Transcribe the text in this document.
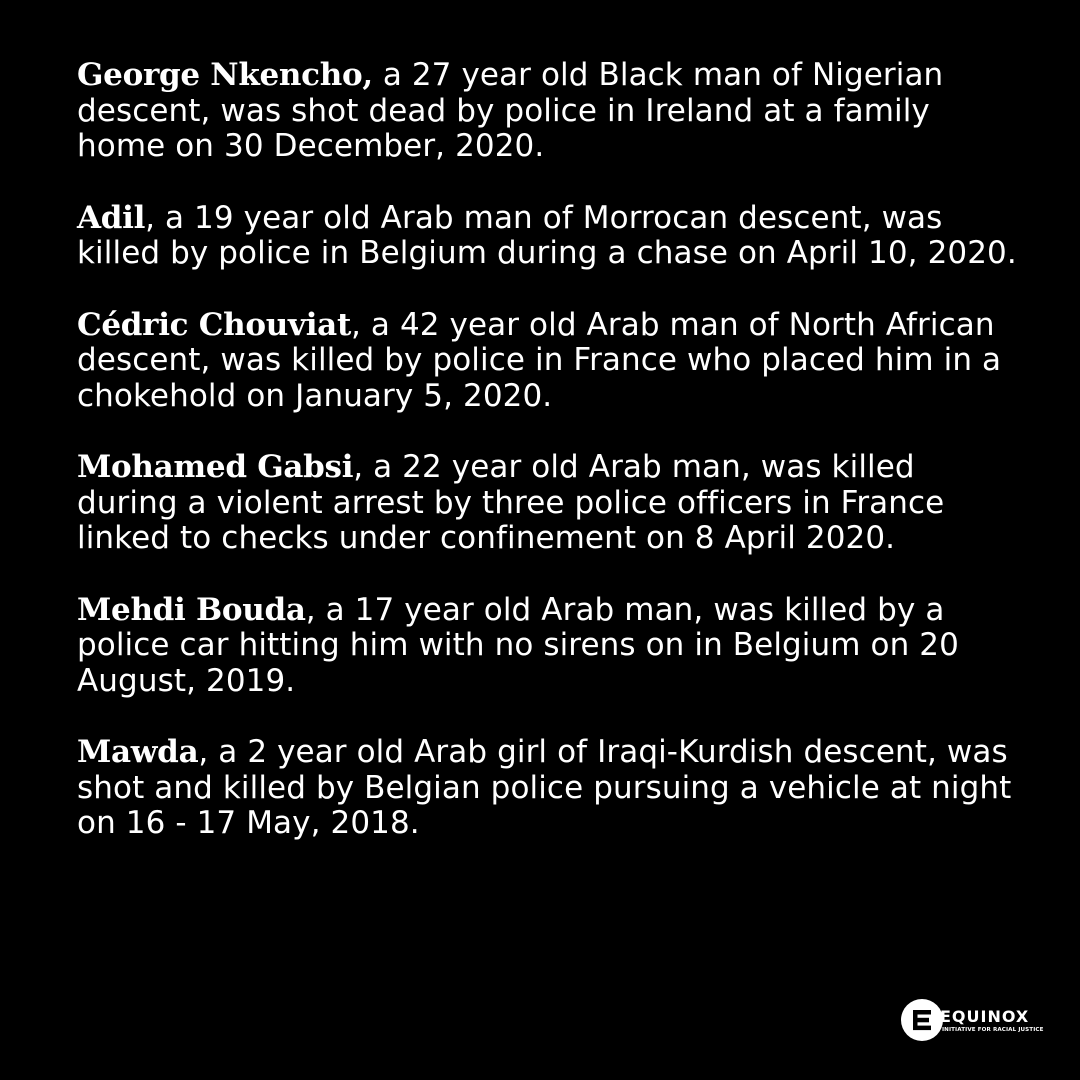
George Nkencho, a 27 year old Black man of Nigerian descent, was shot dead by police in Ireland at a family home on 30 December, 2020.

Adil, a 19 year old Arab man of Morrocan descent, was killed by police in Belgium during a chase on April 10, 2020.

Cédric Chouviat, a 42 year old Arab man of North African descent, was killed by police in France who placed him in a chokehold on January 5, 2020.

Mohamed Gabsi, a 22 year old Arab man, was killed during a violent arrest by three police officers in France linked to checks under confinement on 8 April 2020.

Mehdi Bouda, a 17 year old Arab man, was killed by a police car hitting him with no sirens on in Belgium on 20 August, 2019.

Mawda, a 2 year old Arab girl of Iraqi-Kurdish descent, was shot and killed by Belgian police pursuing a vehicle at night on 16 - 17 May, 2018.

EQUINOX
INITIATIVE FOR RACIAL JUSTICE
